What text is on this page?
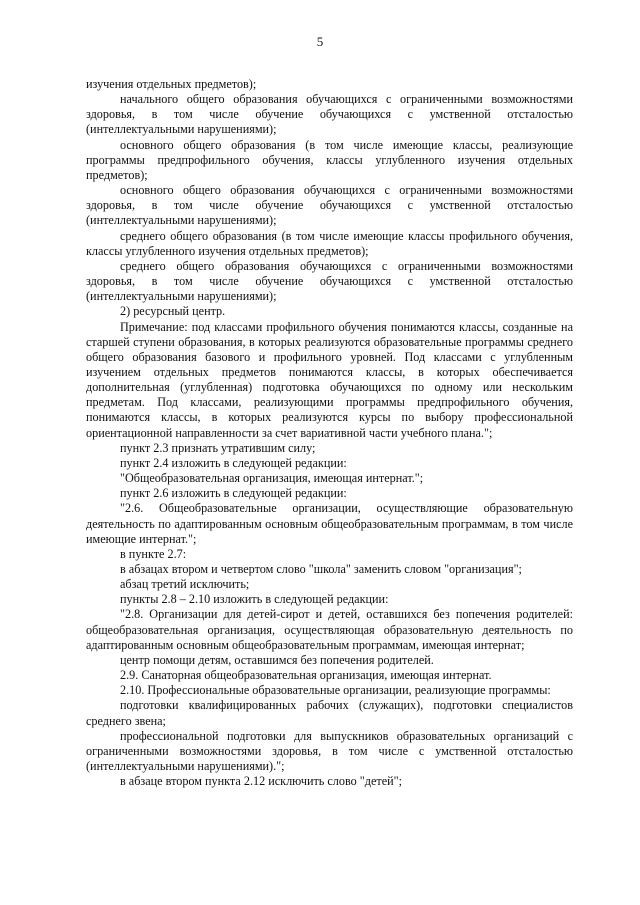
5

изучения отдельных предметов);

начального общего образования обучающихся с ограниченными возможностями здоровья, в том числе обучение обучающихся с умственной отсталостью (интеллектуальными нарушениями);

основного общего образования (в том числе имеющие классы, реализующие программы предпрофильного обучения, классы углубленного изучения отдельных предметов);

основного общего образования обучающихся с ограниченными возможностями здоровья, в том числе обучение обучающихся с умственной отсталостью (интеллектуальными нарушениями);

среднего общего образования (в том числе имеющие классы профильного обучения, классы углубленного изучения отдельных предметов);

среднего общего образования обучающихся с ограниченными возможностями здоровья, в том числе обучение обучающихся с умственной отсталостью (интеллектуальными нарушениями);

2) ресурсный центр.

Примечание: под классами профильного обучения понимаются классы, созданные на старшей ступени образования, в которых реализуются образовательные программы среднего общего образования базового и профильного уровней. Под классами с углубленным изучением отдельных предметов понимаются классы, в которых обеспечивается дополнительная (углубленная) подготовка обучающихся по одному или нескольким предметам. Под классами, реализующими программы предпрофильного обучения, понимаются классы, в которых реализуются курсы по выбору профессиональной ориентационной направленности за счет вариативной части учебного плана.";

пункт 2.3 признать утратившим силу;

пункт 2.4 изложить в следующей редакции:

"Общеобразовательная организация, имеющая интернат.";

пункт 2.6 изложить в следующей редакции:

"2.6. Общеобразовательные организации, осуществляющие образовательную деятельность по адаптированным основным общеобразовательным программам, в том числе имеющие интернат.";

в пункте 2.7:

в абзацах втором и четвертом слово "школа" заменить словом "организация";

абзац третий исключить;

пункты 2.8 – 2.10 изложить в следующей редакции:

"2.8. Организации для детей-сирот и детей, оставшихся без попечения родителей: общеобразовательная организация, осуществляющая образовательную деятельность по адаптированным основным общеобразовательным программам, имеющая интернат;

центр помощи детям, оставшимся без попечения родителей.

2.9. Санаторная общеобразовательная организация, имеющая интернат.

2.10. Профессиональные образовательные организации, реализующие программы:

подготовки квалифицированных рабочих (служащих), подготовки специалистов среднего звена;

профессиональной подготовки для выпускников образовательных организаций с ограниченными возможностями здоровья, в том числе с умственной отсталостью (интеллектуальными нарушениями).";

в абзаце втором пункта 2.12 исключить слово "детей";
